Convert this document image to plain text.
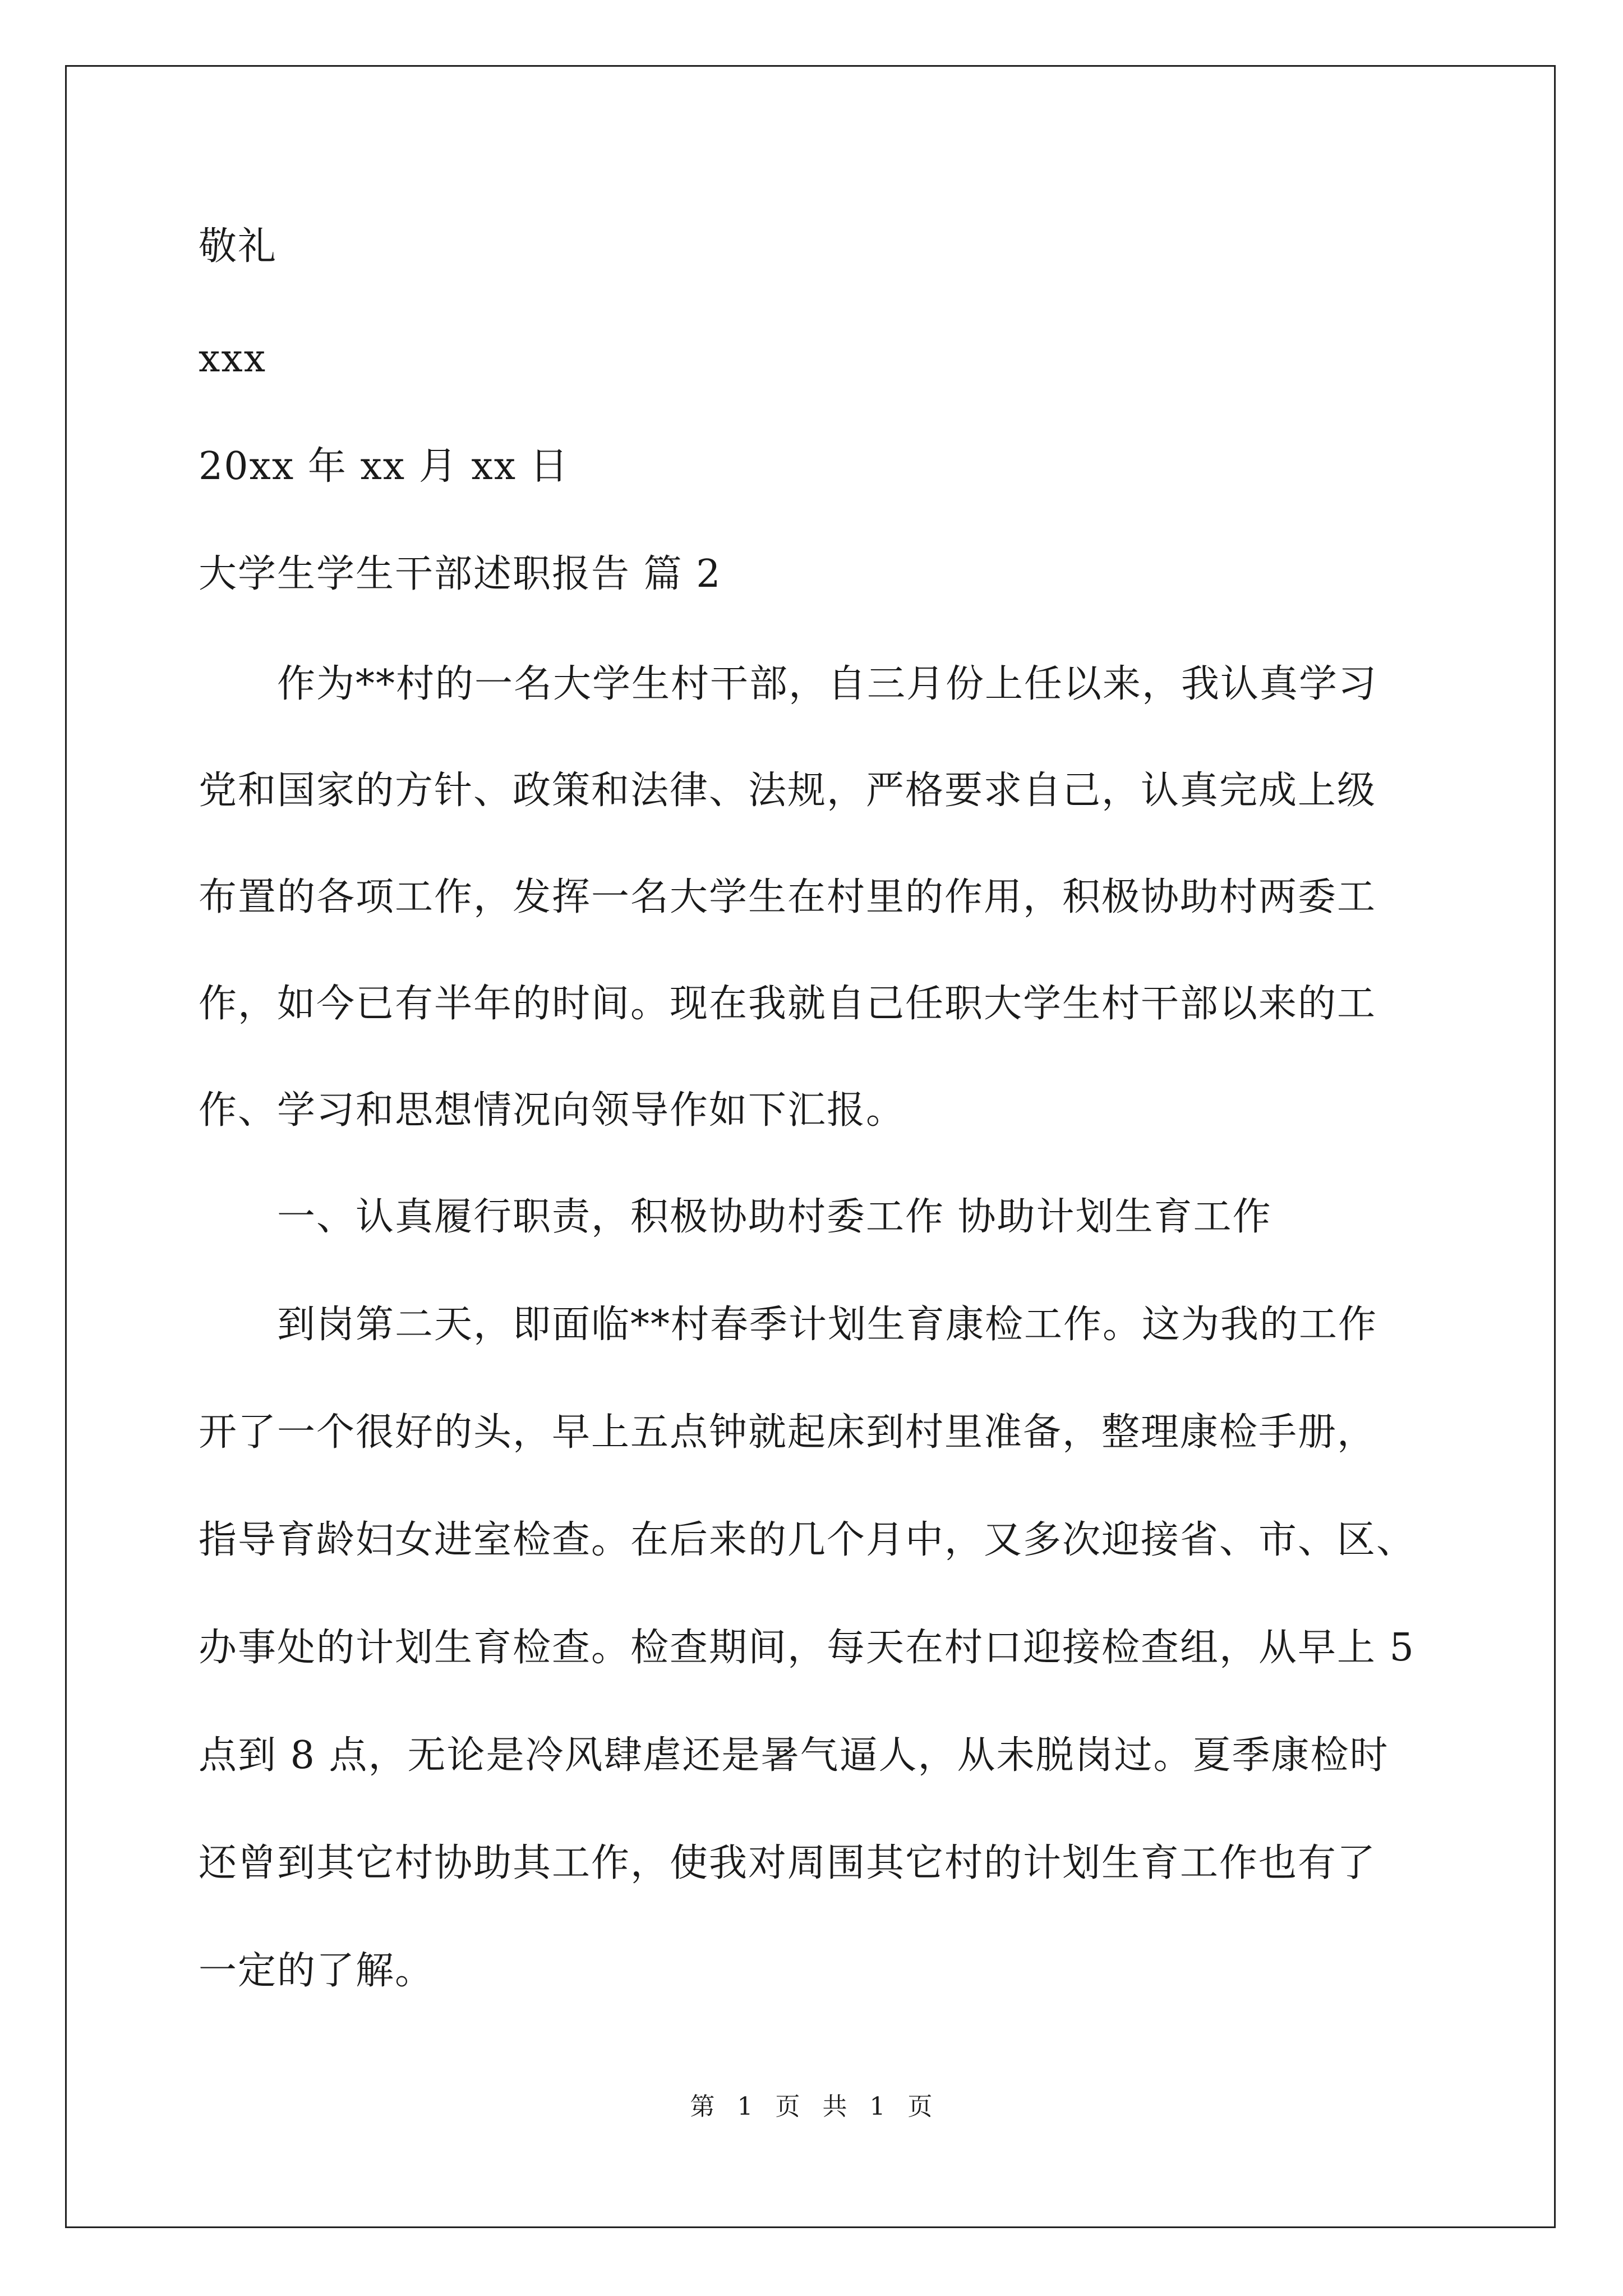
敬礼
xxx
20xx 年 xx 月 xx 日
大学生学生干部述职报告 篇 2
作为**村的一名大学生村干部，自三月份上任以来，我认真学习
党和国家的方针、政策和法律、法规，严格要求自己，认真完成上级
布置的各项工作，发挥一名大学生在村里的作用，积极协助村两委工
作，如今已有半年的时间。现在我就自己任职大学生村干部以来的工
作、学习和思想情况向领导作如下汇报。
一、认真履行职责，积极协助村委工作 协助计划生育工作
到岗第二天，即面临**村春季计划生育康检工作。这为我的工作
开了一个很好的头，早上五点钟就起床到村里准备，整理康检手册，
指导育龄妇女进室检查。在后来的几个月中，又多次迎接省、市、区、
办事处的计划生育检查。检查期间，每天在村口迎接检查组，从早上 5
点到 8 点，无论是冷风肆虐还是暑气逼人，从未脱岗过。夏季康检时
还曾到其它村协助其工作，使我对周围其它村的计划生育工作也有了
一定的了解。
第 1 页 共 1 页
